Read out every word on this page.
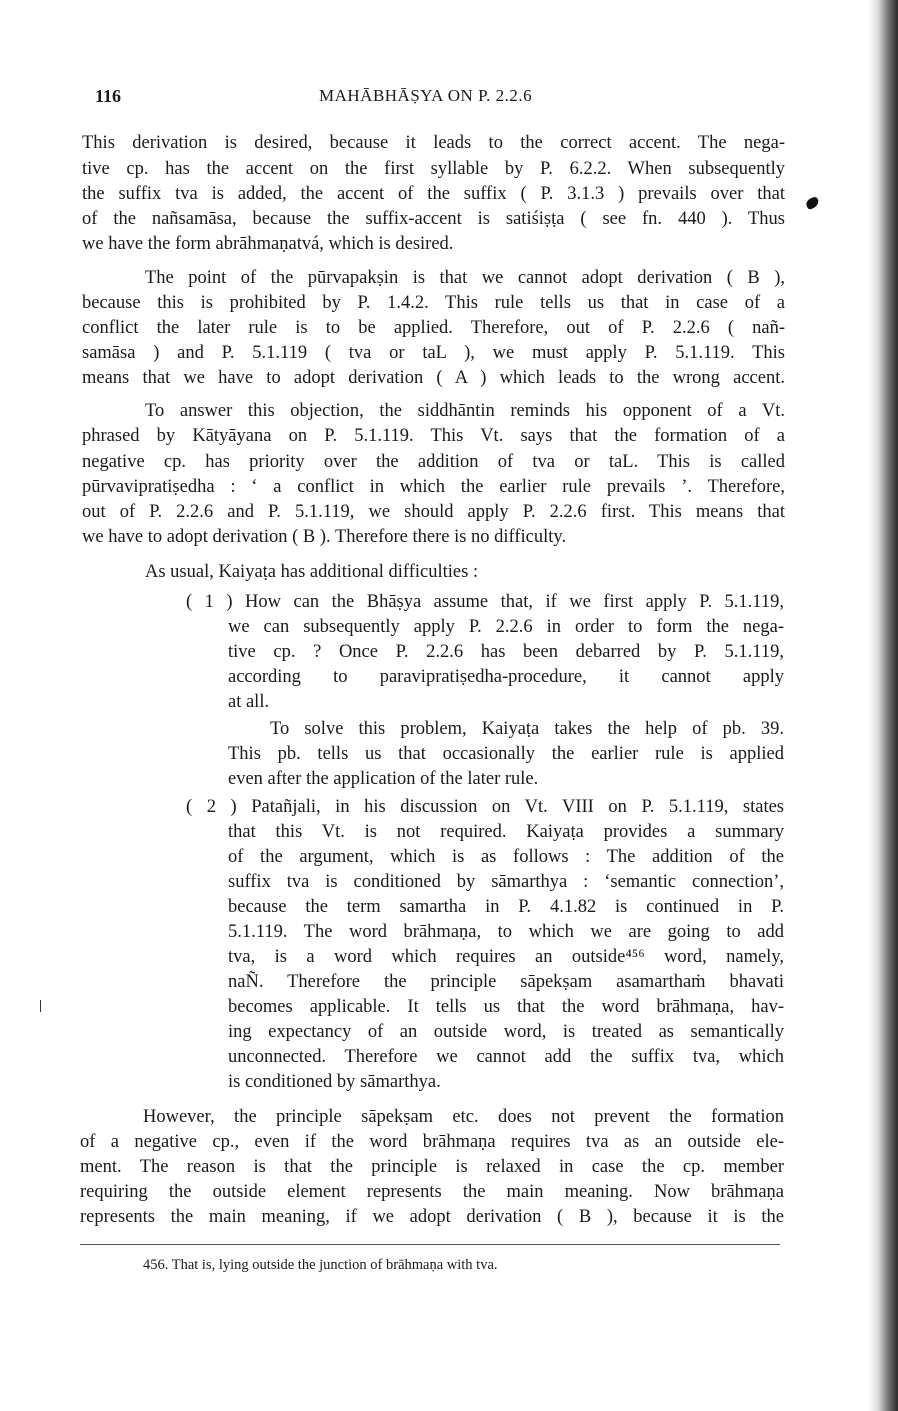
116	MAHĀBHĀṢYA ON P. 2.2.6
This derivation is desired, because it leads to the correct accent. The nega-
tive cp. has the accent on the first syllable by P. 6.2.2. When subsequently
the suffix tva is added, the accent of the suffix ( P. 3.1.3 ) prevails over that
of the nañsamāsa, because the suffix-accent is satiśiṣṭa ( see fn. 440 ). Thus
we have the form abrāhmaṇatvá, which is desired.
The point of the pūrvapakṣin is that we cannot adopt derivation ( B ),
because this is prohibited by P. 1.4.2. This rule tells us that in case of a
conflict the later rule is to be applied. Therefore, out of P. 2.2.6 ( nañ-
samāsa ) and P. 5.1.119 ( tva or taL ), we must apply P. 5.1.119. This
means that we have to adopt derivation ( A ) which leads to the wrong accent.
To answer this objection, the siddhāntin reminds his opponent of a Vt.
phrased by Kātyāyana on P. 5.1.119. This Vt. says that the formation of a
negative cp. has priority over the addition of tva or taL. This is called
pūrvavipratiṣedha : ‘ a conflict in which the earlier rule prevails ’. Therefore,
out of P. 2.2.6 and P. 5.1.119, we should apply P. 2.2.6 first. This means that
we have to adopt derivation ( B ). Therefore there is no difficulty.
As usual, Kaiyaṭa has additional difficulties :
( 1 ) How can the Bhāṣya assume that, if we first apply P. 5.1.119,
we can subsequently apply P. 2.2.6 in order to form the nega-
tive cp. ? Once P. 2.2.6 has been debarred by P. 5.1.119,
according to paravipratiṣedha-procedure, it cannot apply
at all.
To solve this problem, Kaiyaṭa takes the help of pb. 39.
This pb. tells us that occasionally the earlier rule is applied
even after the application of the later rule.
( 2 ) Patañjali, in his discussion on Vt. VIII on P. 5.1.119, states
that this Vt. is not required. Kaiyaṭa provides a summary
of the argument, which is as follows : The addition of the
suffix tva is conditioned by sāmarthya : ‘semantic connection’,
because the term samartha in P. 4.1.82 is continued in P.
5.1.119. The word brāhmaṇa, to which we are going to add
tva, is a word which requires an outside⁴⁵⁶ word, namely,
naÑ. Therefore the principle sāpekṣam asamarthaṁ bhavati
becomes applicable. It tells us that the word brāhmaṇa, hav-
ing expectancy of an outside word, is treated as semantically
unconnected. Therefore we cannot add the suffix tva, which
is conditioned by sāmarthya.
However, the principle sāpekṣam etc. does not prevent the formation
of a negative cp., even if the word brāhmaṇa requires tva as an outside ele-
ment. The reason is that the principle is relaxed in case the cp. member
requiring the outside element represents the main meaning. Now brāhmaṇa
represents the main meaning, if we adopt derivation ( B ), because it is the
456. That is, lying outside the junction of brāhmaṇa with tva.
